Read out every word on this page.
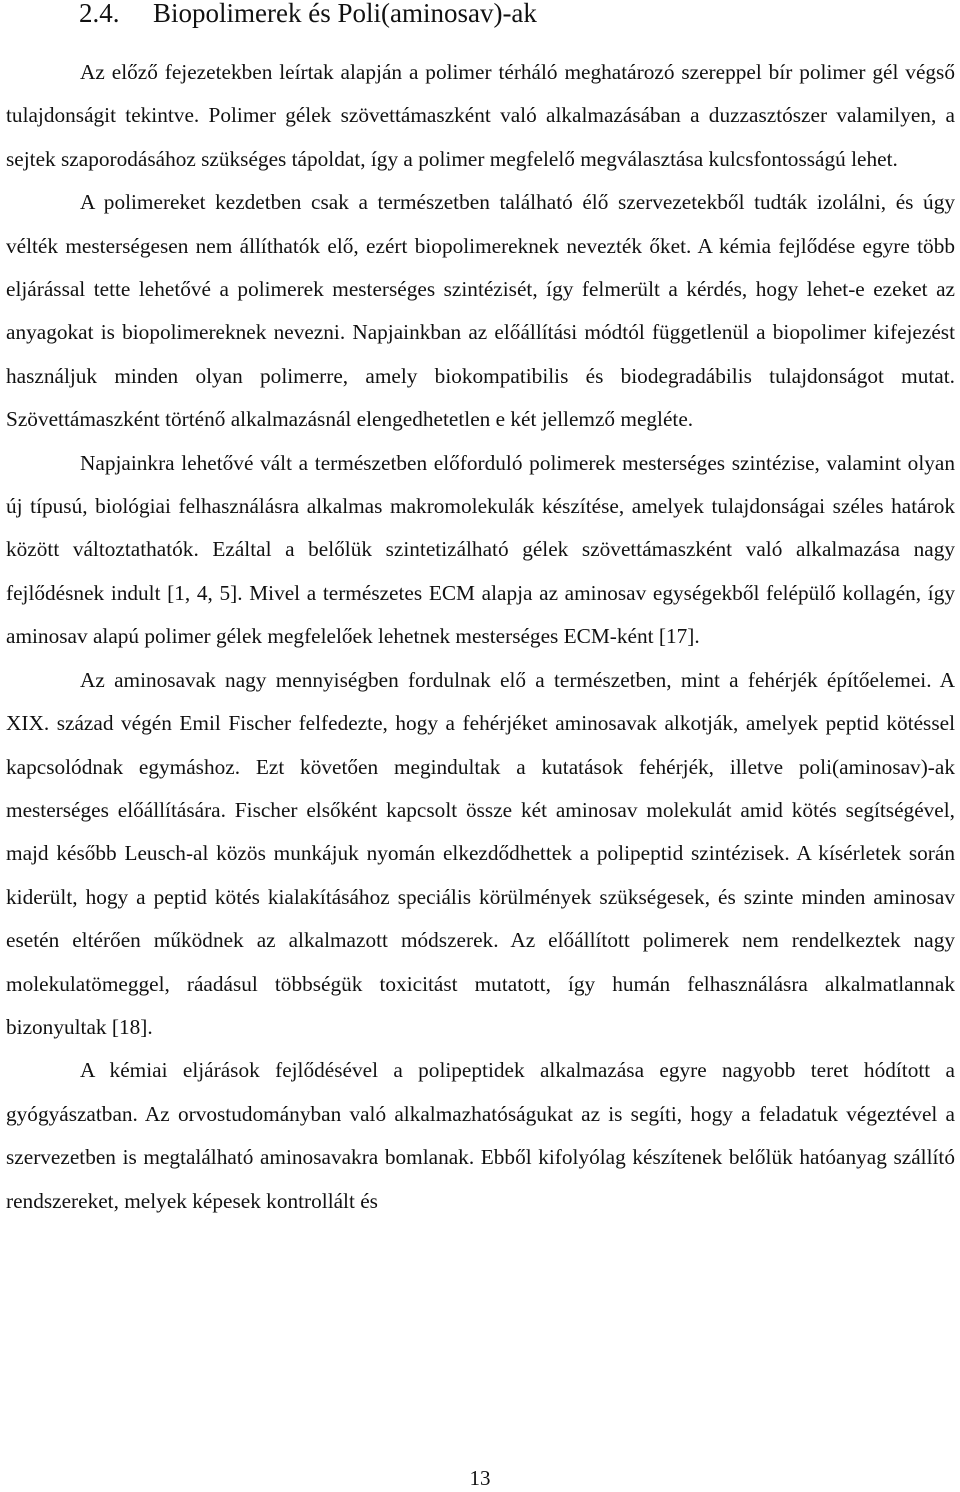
2.4. Biopolimerek és Poli(aminosav)-ak

Az előző fejezetekben leírtak alapján a polimer térháló meghatározó szereppel bír polimer gél végső tulajdonságit tekintve. Polimer gélek szövettámaszként való alkalmazásában a duzzasztószer valamilyen, a sejtek szaporodásához szükséges tápoldat, így a polimer megfelelő megválasztása kulcsfontosságú lehet.

A polimereket kezdetben csak a természetben található élő szervezetekből tudták izolálni, és úgy vélték mesterségesen nem állíthatók elő, ezért biopolimereknek nevezték őket. A kémia fejlődése egyre több eljárással tette lehetővé a polimerek mesterséges szintézisét, így felmerült a kérdés, hogy lehet-e ezeket az anyagokat is biopolimereknek nevezni. Napjainkban az előállítási módtól függetlenül a biopolimer kifejezést használjuk minden olyan polimerre, amely biokompatibilis és biodegradábilis tulajdonságot mutat. Szövettámaszként történő alkalmazásnál elengedhetetlen e két jellemző megléte.

Napjainkra lehetővé vált a természetben előforduló polimerek mesterséges szintézise, valamint olyan új típusú, biológiai felhasználásra alkalmas makromolekulák készítése, amelyek tulajdonságai széles határok között változtathatók. Ezáltal a belőlük szintetizálható gélek szövettámaszként való alkalmazása nagy fejlődésnek indult [1, 4, 5]. Mivel a természetes ECM alapja az aminosav egységekből felépülő kollagén, így aminosav alapú polimer gélek megfelelőek lehetnek mesterséges ECM-ként [17].

Az aminosavak nagy mennyiségben fordulnak elő a természetben, mint a fehérjék építőelemei. A XIX. század végén Emil Fischer felfedezte, hogy a fehérjéket aminosavak alkotják, amelyek peptid kötéssel kapcsolódnak egymáshoz. Ezt követően megindultak a kutatások fehérjék, illetve poli(aminosav)-ak mesterséges előállítására. Fischer elsőként kapcsolt össze két aminosav molekulát amid kötés segítségével, majd később Leusch-al közös munkájuk nyomán elkezdődhettek a polipeptid szintézisek. A kísérletek során kiderült, hogy a peptid kötés kialakításához speciális körülmények szükségesek, és szinte minden aminosav esetén eltérően működnek az alkalmazott módszerek. Az előállított polimerek nem rendelkeztek nagy molekulatömeggel, ráadásul többségük toxicitást mutatott, így humán felhasználásra alkalmatlannak bizonyultak [18].

A kémiai eljárások fejlődésével a polipeptidek alkalmazása egyre nagyobb teret hódított a gyógyászatban. Az orvostudományban való alkalmazhatóságukat az is segíti, hogy a feladatuk végeztével a szervezetben is megtalálható aminosavakra bomlanak. Ebből kifolyólag készítenek belőlük hatóanyag szállító rendszereket, melyek képesek kontrollált és

13
